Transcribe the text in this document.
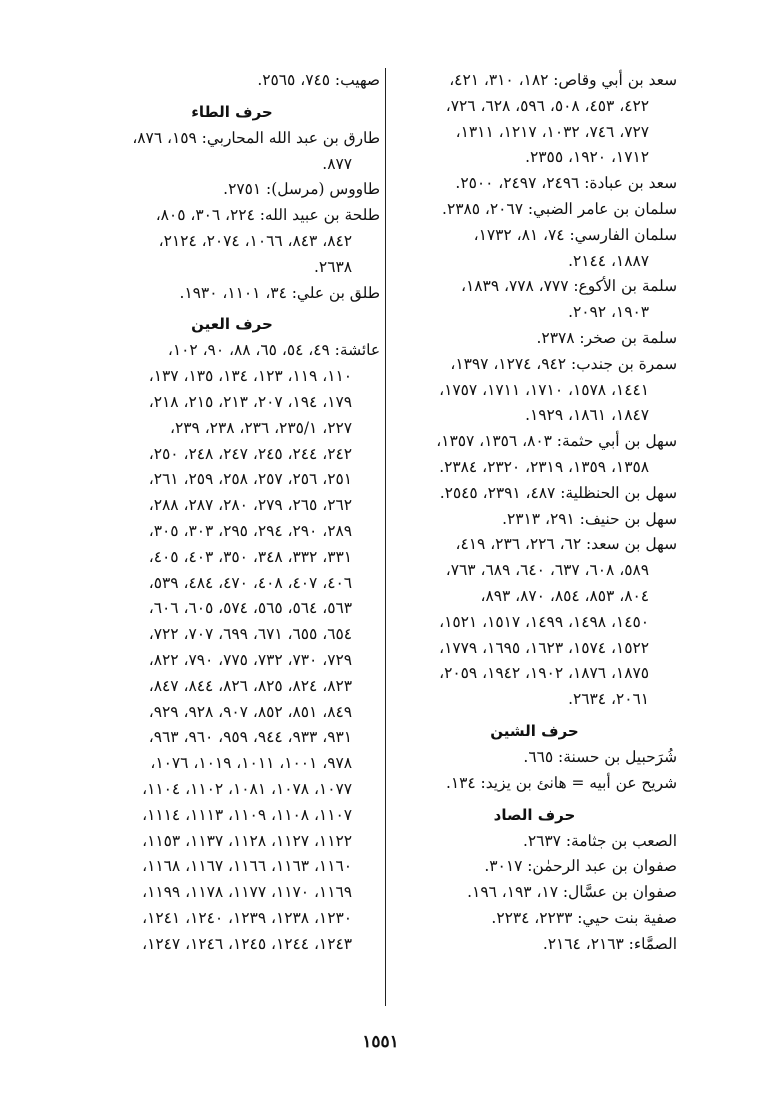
سعد بن أبي وقاص: ١٨٢، ٣١٠، ٤٢١،
٤٢٢، ٤٥٣، ٥٠٨، ٥٩٦، ٦٢٨، ٧٢٦،
٧٢٧، ٧٤٦، ١٠٣٢، ١٢١٧، ١٣١١،
١٧١٢، ١٩٢٠، ٢٣٥٥.
سعد بن عبادة: ٢٤٩٦، ٢٤٩٧، ٢٥٠٠.
سلمان بن عامر الضبي: ٢٠٦٧، ٢٣٨٥.
سلمان الفارسي: ٧٤، ٨١، ١٧٣٢،
١٨٨٧، ٢١٤٤.
سلمة بن الأكوع: ٧٧٧، ٧٧٨، ١٨٣٩،
١٩٠٣، ٢٠٩٢.
سلمة بن صخر: ٢٣٧٨.
سمرة بن جندب: ٩٤٢، ١٢٧٤، ١٣٩٧،
١٤٤١، ١٥٧٨، ١٧١٠، ١٧١١، ١٧٥٧،
١٨٤٧، ١٨٦١، ١٩٢٩.
سهل بن أبي حثمة: ٨٠٣، ١٣٥٦، ١٣٥٧،
١٣٥٨، ١٣٥٩، ٢٣١٩، ٢٣٢٠، ٢٣٨٤.
سهل بن الحنظلية: ٤٨٧، ٢٣٩١، ٢٥٤٥.
سهل بن حنيف: ٢٩١، ٢٣١٣.
سهل بن سعد: ٦٢، ٢٢٦، ٢٣٦، ٤١٩،
٥٨٩، ٦٠٨، ٦٣٧، ٦٤٠، ٦٨٩، ٧٦٣،
٨٠٤، ٨٥٣، ٨٥٤، ٨٧٠، ٨٩٣،
١٤٥٠، ١٤٩٨، ١٤٩٩، ١٥١٧، ١٥٢١،
١٥٢٢، ١٥٧٤، ١٦٢٣، ١٦٩٥، ١٧٧٩،
١٨٧٥، ١٨٧٦، ١٩٠٢، ١٩٤٢، ٢٠٥٩،
٢٠٦١، ٢٦٣٤.
حرف الشين
شُرَحبيل بن حسنة: ٦٦٥.
شريح عن أبيه = هانئ بن يزيد: ١٣٤.
حرف الصاد
الصعب بن جثامة: ٢٦٣٧.
صفوان بن عبد الرحمٰن: ٣٠١٧.
صفوان بن عسَّال: ١٧، ١٩٣، ١٩٦.
صفية بنت حيي: ٢٢٣٣، ٢٢٣٤.
الصمَّاء: ٢١٦٣، ٢١٦٤.
صهيب: ٧٤٥، ٢٥٦٥.
حرف الطاء
طارق بن عبد الله المحاربي: ١٥٩، ٨٧٦،
٨٧٧.
طاووس (مرسل): ٢٧٥١.
طلحة بن عبيد الله: ٢٢٤، ٣٠٦، ٨٠٥،
٨٤٢، ٨٤٣، ١٠٦٦، ٢٠٧٤، ٢١٢٤،
٢٦٣٨.
طلق بن علي: ٣٤، ١١٠١، ١٩٣٠.
حرف العين
عائشة: ٤٩، ٥٤، ٦٥، ٨٨، ٩٠، ١٠٢،
١١٠، ١١٩، ١٢٣، ١٣٤، ١٣٥، ١٣٧،
١٧٩، ١٩٤، ٢٠٧، ٢١٣، ٢١٥، ٢١٨،
٢٢٧، ٢٣٥/١، ٢٣٦، ٢٣٨، ٢٣٩،
٢٤٢، ٢٤٤، ٢٤٥، ٢٤٧، ٢٤٨، ٢٥٠،
٢٥١، ٢٥٦، ٢٥٧، ٢٥٨، ٢٥٩، ٢٦١،
٢٦٢، ٢٦٥، ٢٧٩، ٢٨٠، ٢٨٧، ٢٨٨،
٢٨٩، ٢٩٠، ٢٩٤، ٢٩٥، ٣٠٣، ٣٠٥،
٣٣١، ٣٣٢، ٣٤٨، ٣٥٠، ٤٠٣، ٤٠٥،
٤٠٦، ٤٠٧، ٤٠٨، ٤٧٠، ٤٨٤، ٥٣٩،
٥٦٣، ٥٦٤، ٥٦٥، ٥٧٤، ٦٠٥، ٦٠٦،
٦٥٤، ٦٥٥، ٦٧١، ٦٩٩، ٧٠٧، ٧٢٢،
٧٢٩، ٧٣٠، ٧٣٢، ٧٧٥، ٧٩٠، ٨٢٢،
٨٢٣، ٨٢٤، ٨٢٥، ٨٢٦، ٨٤٤، ٨٤٧،
٨٤٩، ٨٥١، ٨٥٢، ٩٠٧، ٩٢٨، ٩٢٩،
٩٣١، ٩٣٣، ٩٤٤، ٩٥٩، ٩٦٠، ٩٦٣،
٩٧٨، ١٠٠١، ١٠١١، ١٠١٩، ١٠٧٦،
١٠٧٧، ١٠٧٨، ١٠٨١، ١١٠٢، ١١٠٤،
١١٠٧، ١١٠٨، ١١٠٩، ١١١٣، ١١١٤،
١١٢٢، ١١٢٧، ١١٢٨، ١١٣٧، ١١٥٣،
١١٦٠، ١١٦٣، ١١٦٦، ١١٦٧، ١١٦٨،
١١٦٩، ١١٧٠، ١١٧٧، ١١٧٨، ١١٩٩،
١٢٣٠، ١٢٣٨، ١٢٣٩، ١٢٤٠، ١٢٤١،
١٢٤٣، ١٢٤٤، ١٢٤٥، ١٢٤٦، ١٢٤٧،
١٥٥١
